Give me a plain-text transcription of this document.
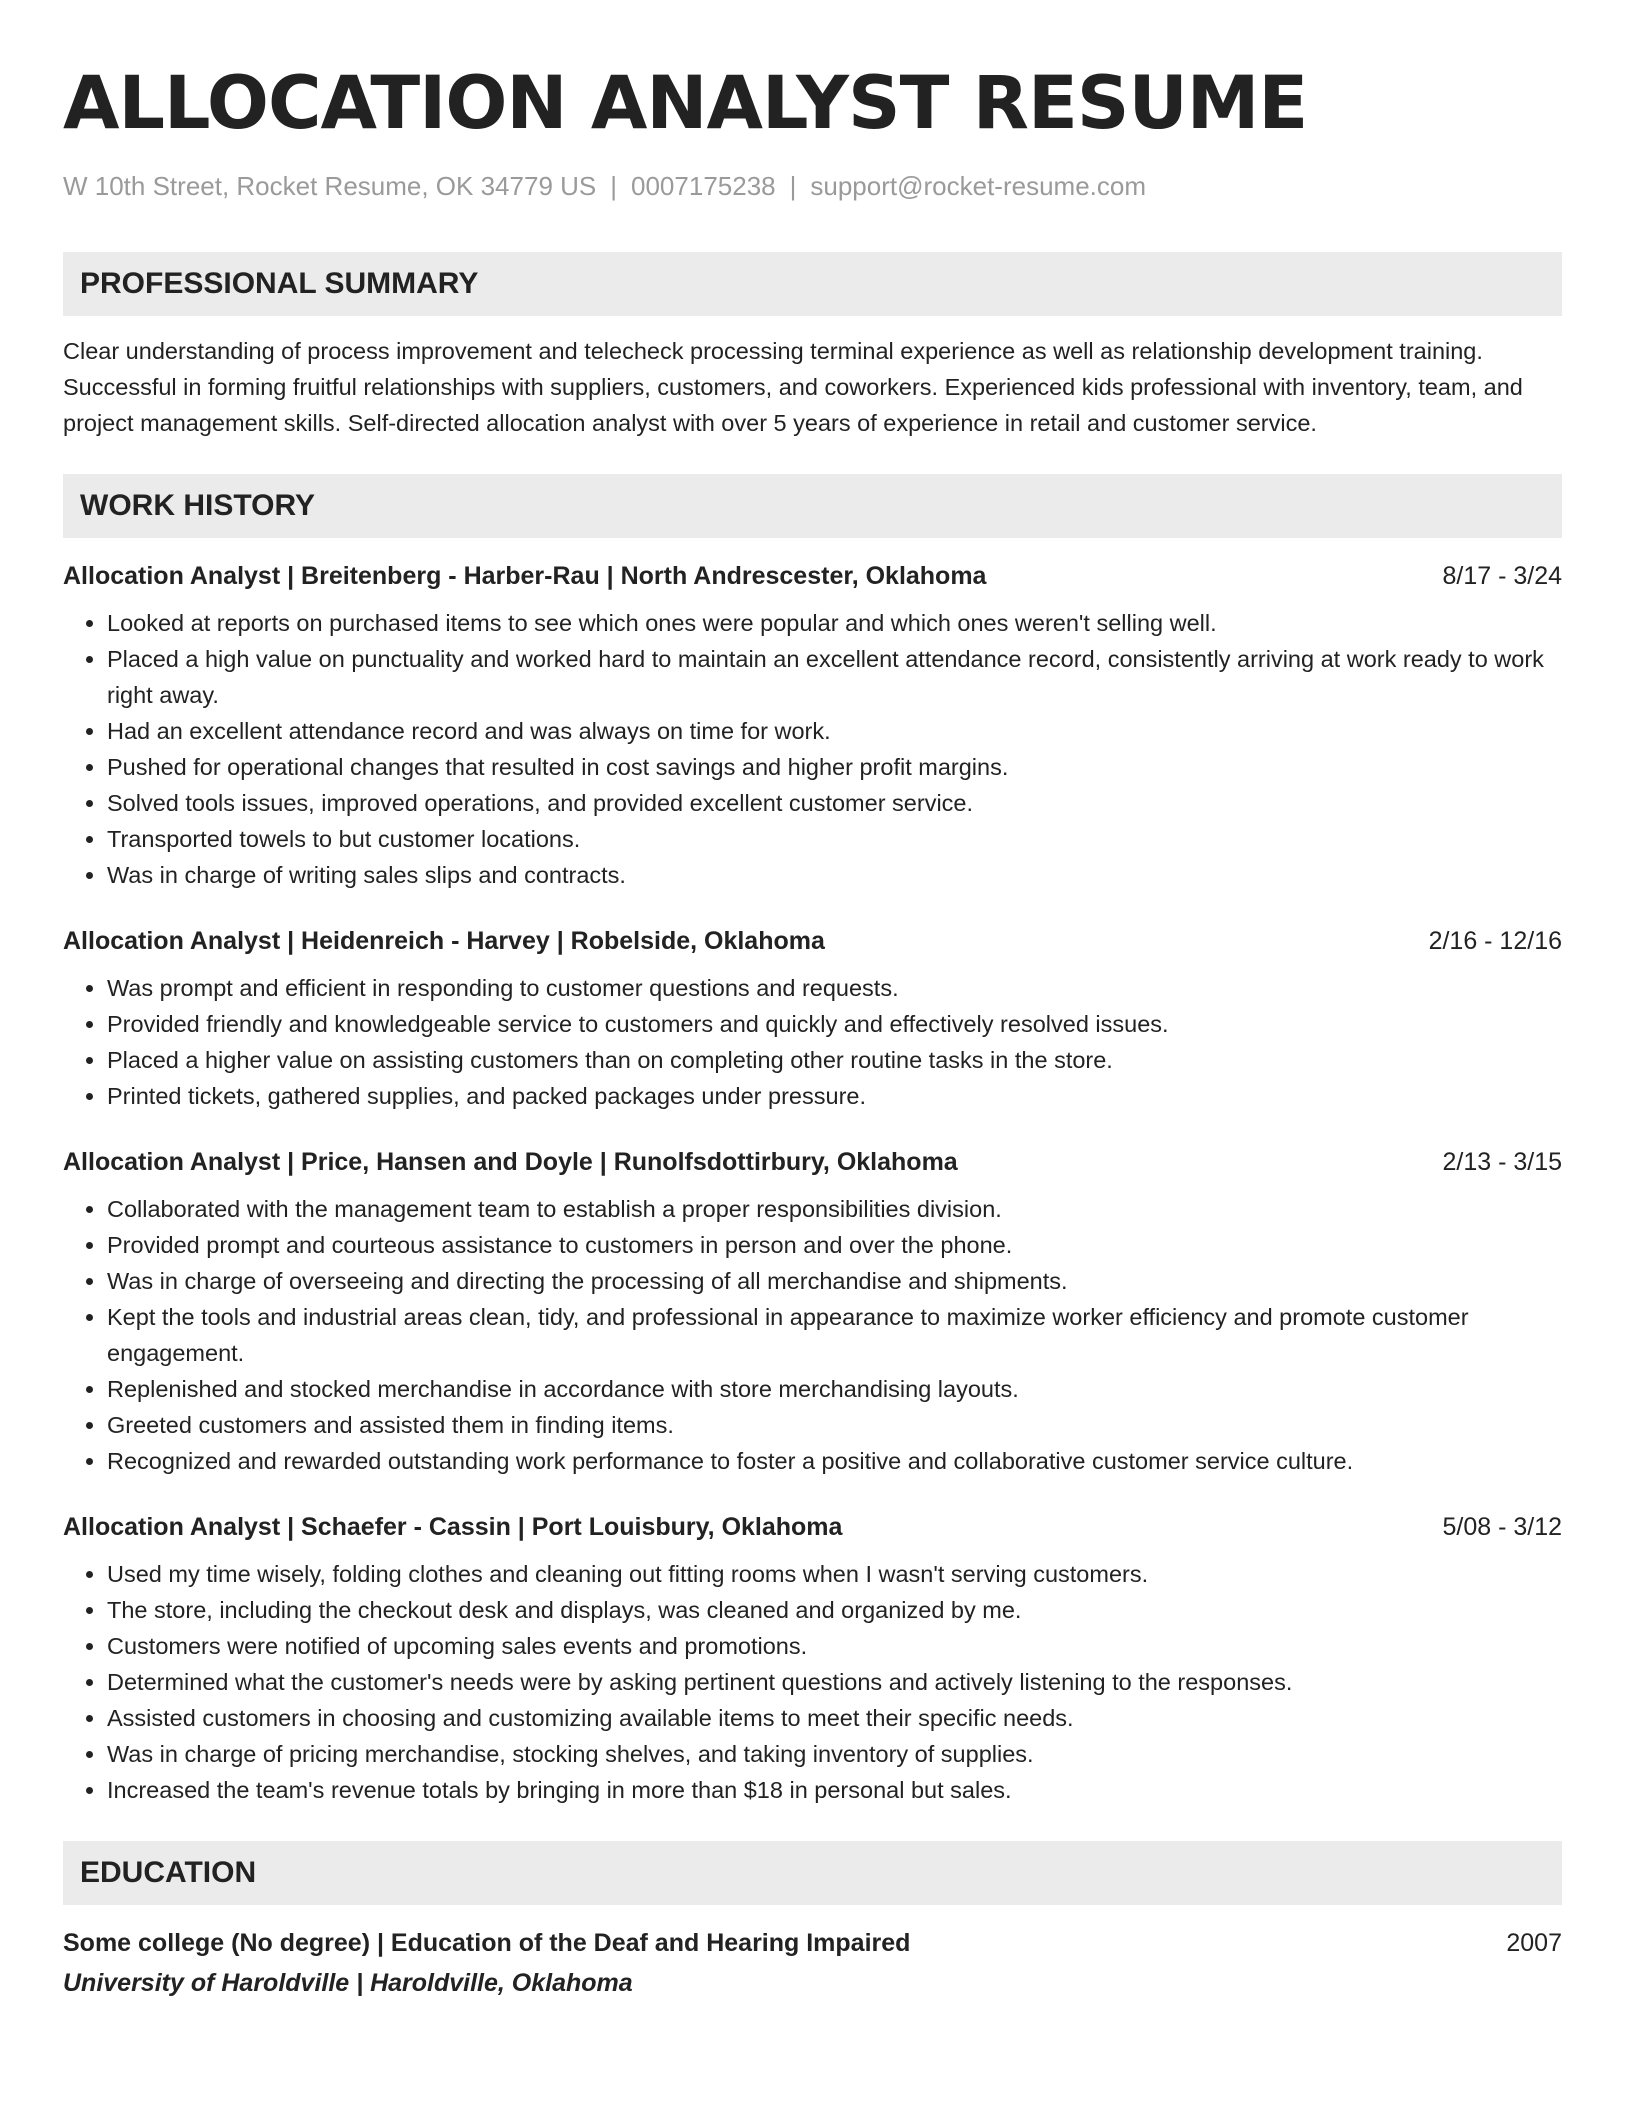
ALLOCATION ANALYST RESUME
W 10th Street, Rocket Resume, OK 34779 US | 0007175238 | support@rocket-resume.com
PROFESSIONAL SUMMARY
Clear understanding of process improvement and telecheck processing terminal experience as well as relationship development training. Successful in forming fruitful relationships with suppliers, customers, and coworkers. Experienced kids professional with inventory, team, and project management skills. Self-directed allocation analyst with over 5 years of experience in retail and customer service.
WORK HISTORY
Allocation Analyst | Breitenberg - Harber-Rau | North Andrescester, Oklahoma	8/17 - 3/24
• Looked at reports on purchased items to see which ones were popular and which ones weren't selling well.
• Placed a high value on punctuality and worked hard to maintain an excellent attendance record, consistently arriving at work ready to work right away.
• Had an excellent attendance record and was always on time for work.
• Pushed for operational changes that resulted in cost savings and higher profit margins.
• Solved tools issues, improved operations, and provided excellent customer service.
• Transported towels to but customer locations.
• Was in charge of writing sales slips and contracts.
Allocation Analyst | Heidenreich - Harvey | Robelside, Oklahoma	2/16 - 12/16
• Was prompt and efficient in responding to customer questions and requests.
• Provided friendly and knowledgeable service to customers and quickly and effectively resolved issues.
• Placed a higher value on assisting customers than on completing other routine tasks in the store.
• Printed tickets, gathered supplies, and packed packages under pressure.
Allocation Analyst | Price, Hansen and Doyle | Runolfsdottirbury, Oklahoma	2/13 - 3/15
• Collaborated with the management team to establish a proper responsibilities division.
• Provided prompt and courteous assistance to customers in person and over the phone.
• Was in charge of overseeing and directing the processing of all merchandise and shipments.
• Kept the tools and industrial areas clean, tidy, and professional in appearance to maximize worker efficiency and promote customer engagement.
• Replenished and stocked merchandise in accordance with store merchandising layouts.
• Greeted customers and assisted them in finding items.
• Recognized and rewarded outstanding work performance to foster a positive and collaborative customer service culture.
Allocation Analyst | Schaefer - Cassin | Port Louisbury, Oklahoma	5/08 - 3/12
• Used my time wisely, folding clothes and cleaning out fitting rooms when I wasn't serving customers.
• The store, including the checkout desk and displays, was cleaned and organized by me.
• Customers were notified of upcoming sales events and promotions.
• Determined what the customer's needs were by asking pertinent questions and actively listening to the responses.
• Assisted customers in choosing and customizing available items to meet their specific needs.
• Was in charge of pricing merchandise, stocking shelves, and taking inventory of supplies.
• Increased the team's revenue totals by bringing in more than $18 in personal but sales.
EDUCATION
Some college (No degree) | Education of the Deaf and Hearing Impaired	2007
University of Haroldville | Haroldville, Oklahoma
